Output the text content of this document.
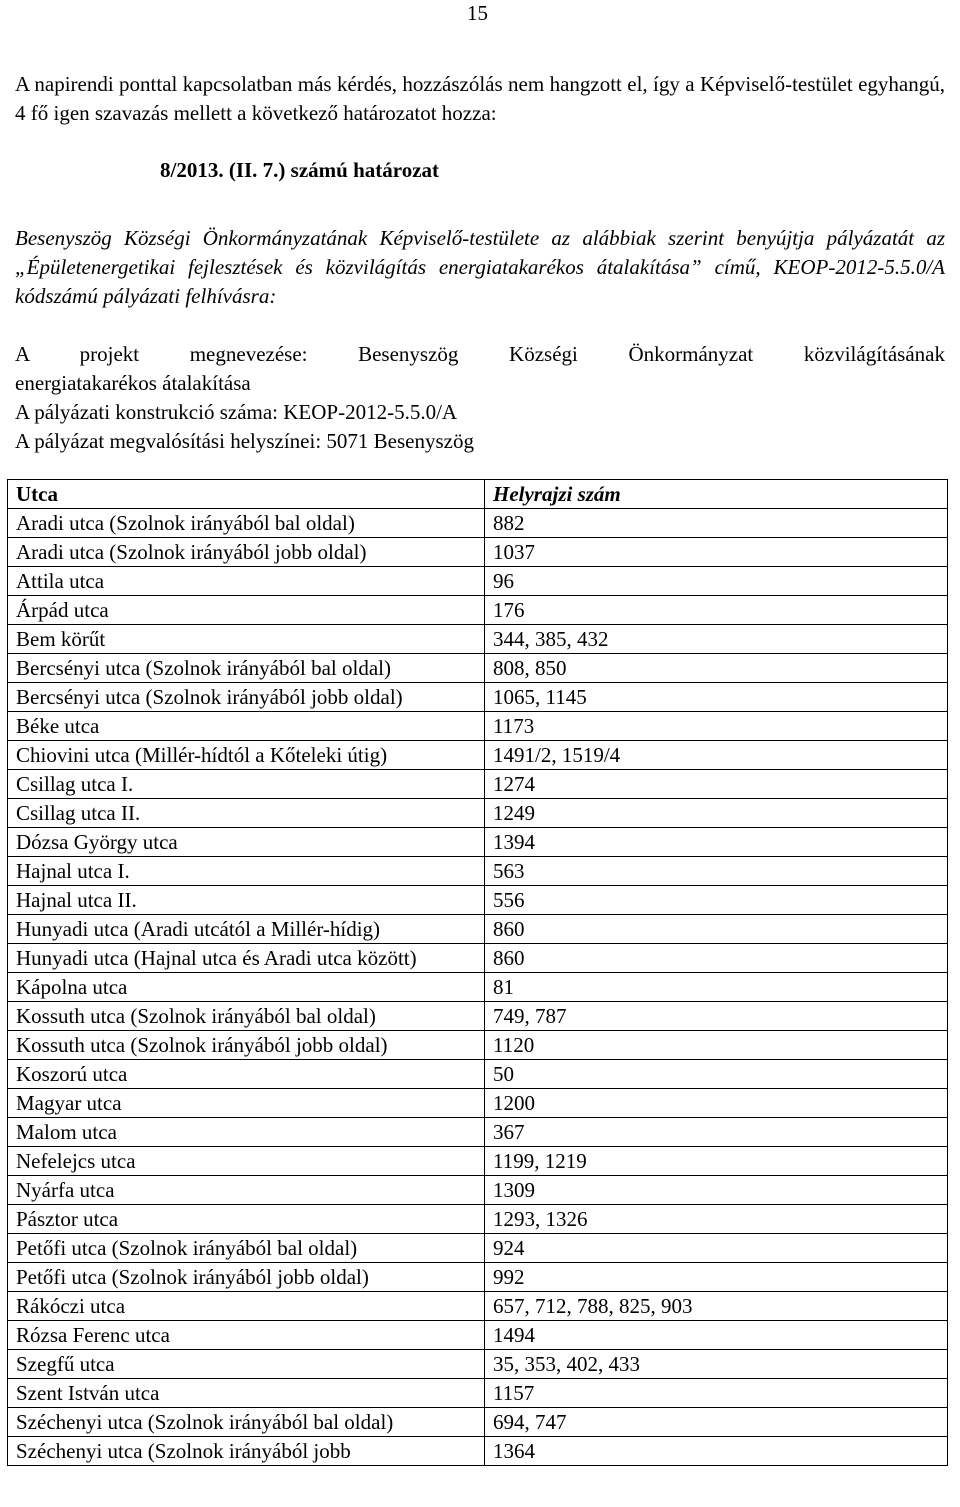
15
A napirendi ponttal kapcsolatban más kérdés, hozzászólás nem hangzott el, így a Képviselő-testület egyhangú, 4 fő igen szavazás mellett a következő határozatot hozza:
8/2013. (II. 7.) számú határozat
Besenyszög Községi Önkormányzatának Képviselő-testülete az alábbiak szerint benyújtja pályázatát az „Épületenergetikai fejlesztések és közvilágítás energiatakarékos átalakítása” című, KEOP-2012-5.5.0/A kódszámú pályázati felhívásra:
A projekt megnevezése: Besenyszög Községi Önkormányzat közvilágításának
energiatakarékos átalakítása
A pályázati konstrukció száma: KEOP-2012-5.5.0/A
A pályázat megvalósítási helyszínei: 5071 Besenyszög
Utca	Helyrajzi szám
Aradi utca (Szolnok irányából bal oldal)	882
Aradi utca (Szolnok irányából jobb oldal)	1037
Attila utca	96
Árpád utca	176
Bem körűt	344, 385, 432
Bercsényi utca (Szolnok irányából bal oldal)	808, 850
Bercsényi utca (Szolnok irányából jobb oldal)	1065, 1145
Béke utca	1173
Chiovini utca (Millér-hídtól a Kőteleki útig)	1491/2, 1519/4
Csillag utca I.	1274
Csillag utca II.	1249
Dózsa György utca	1394
Hajnal utca I.	563
Hajnal utca II.	556
Hunyadi utca (Aradi utcától a Millér-hídig)	860
Hunyadi utca (Hajnal utca és Aradi utca között)	860
Kápolna utca	81
Kossuth utca (Szolnok irányából bal oldal)	749, 787
Kossuth utca (Szolnok irányából jobb oldal)	1120
Koszorú utca	50
Magyar utca	1200
Malom utca	367
Nefelejcs utca	1199, 1219
Nyárfa utca	1309
Pásztor utca	1293, 1326
Petőfi utca (Szolnok irányából bal oldal)	924
Petőfi utca (Szolnok irányából jobb oldal)	992
Rákóczi utca	657, 712, 788, 825, 903
Rózsa Ferenc utca	1494
Szegfű utca	35, 353, 402, 433
Szent István utca	1157
Széchenyi utca (Szolnok irányából bal oldal)	694, 747
Széchenyi utca (Szolnok irányából jobb	1364
